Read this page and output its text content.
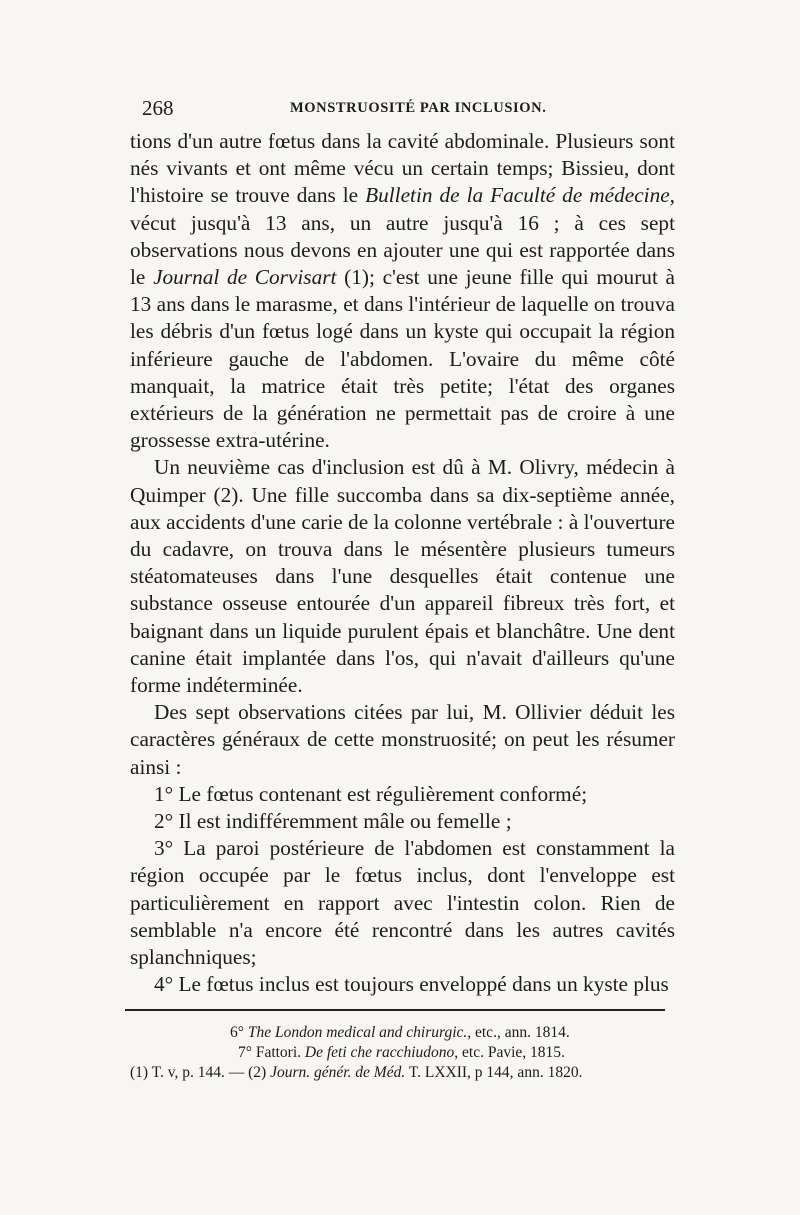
268	MONSTRUOSITÉ PAR INCLUSION.

tions d'un autre fœtus dans la cavité abdominale. Plusieurs sont nés vivants et ont même vécu un certain temps; Bissieu, dont l'histoire se trouve dans le Bulletin de la Faculté de médecine, vécut jusqu'à 13 ans, un autre jusqu'à 16 ; à ces sept observations nous devons en ajouter une qui est rapportée dans le Journal de Corvisart (1); c'est une jeune fille qui mourut à 13 ans dans le marasme, et dans l'intérieur de laquelle on trouva les débris d'un fœtus logé dans un kyste qui occupait la région inférieure gauche de l'abdomen. L'ovaire du même côté manquait, la matrice était très petite; l'état des organes extérieurs de la génération ne permettait pas de croire à une grossesse extra-utérine.

Un neuvième cas d'inclusion est dû à M. Olivry, médecin à Quimper (2). Une fille succomba dans sa dix-septième année, aux accidents d'une carie de la colonne vertébrale : à l'ouverture du cadavre, on trouva dans le mésentère plusieurs tumeurs stéatomateuses dans l'une desquelles était contenue une substance osseuse entourée d'un appareil fibreux très fort, et baignant dans un liquide purulent épais et blanchâtre. Une dent canine était implantée dans l'os, qui n'avait d'ailleurs qu'une forme indéterminée.

Des sept observations citées par lui, M. Ollivier déduit les caractères généraux de cette monstruosité; on peut les résumer ainsi :

1° Le fœtus contenant est régulièrement conformé;

2° Il est indifféremment mâle ou femelle ;

3° La paroi postérieure de l'abdomen est constamment la région occupée par le fœtus inclus, dont l'enveloppe est particulièrement en rapport avec l'intestin colon. Rien de semblable n'a encore été rencontré dans les autres cavités splanchniques;

4° Le fœtus inclus est toujours enveloppé dans un kyste plus

6° The London medical and chirurgic., etc., ann. 1814.
7° Fattori. De feti che racchiudono, etc. Pavie, 1815.
(1) T. v, p. 144. — (2) Journ. génér. de Méd. T. LXXII, p 144, ann. 1820.
